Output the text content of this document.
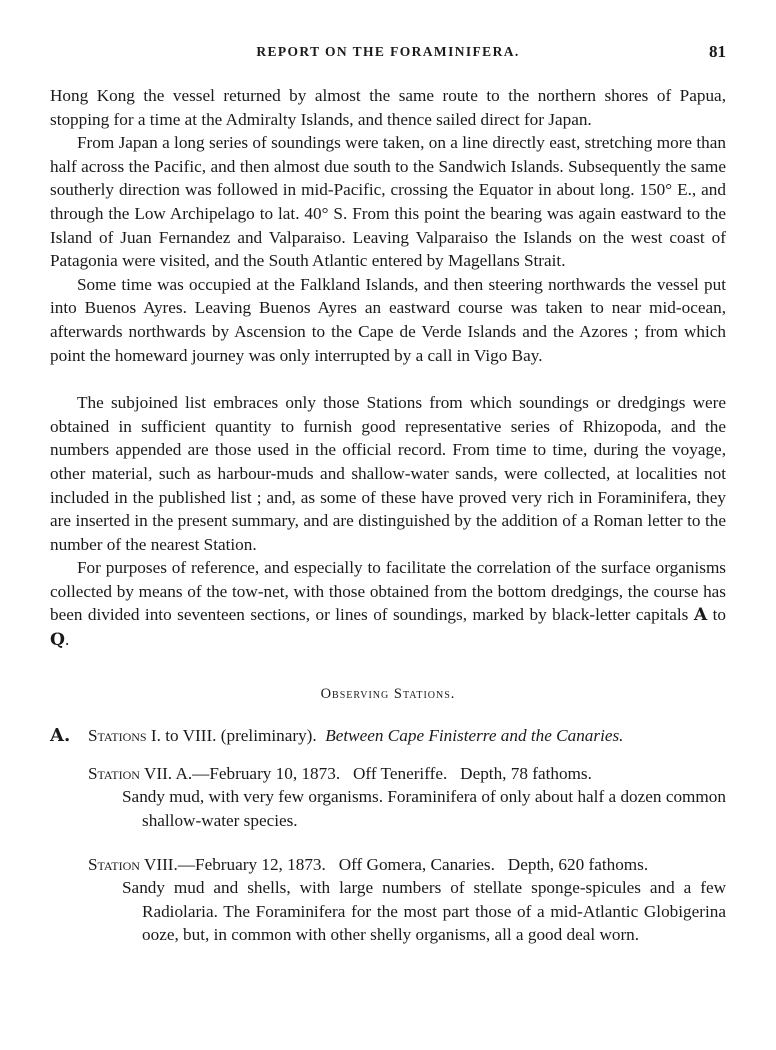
REPORT ON THE FORAMINIFERA.	81

Hong Kong the vessel returned by almost the same route to the northern shores of Papua, stopping for a time at the Admiralty Islands, and thence sailed direct for Japan.

From Japan a long series of soundings were taken, on a line directly east, stretching more than half across the Pacific, and then almost due south to the Sandwich Islands. Subsequently the same southerly direction was followed in mid-Pacific, crossing the Equator in about long. 150° E., and through the Low Archipelago to lat. 40° S. From this point the bearing was again eastward to the Island of Juan Fernandez and Valparaiso. Leaving Valparaiso the Islands on the west coast of Patagonia were visited, and the South Atlantic entered by Magellans Strait.

Some time was occupied at the Falkland Islands, and then steering northwards the vessel put into Buenos Ayres. Leaving Buenos Ayres an eastward course was taken to near mid-ocean, afterwards northwards by Ascension to the Cape de Verde Islands and the Azores ; from which point the homeward journey was only interrupted by a call in Vigo Bay.

The subjoined list embraces only those Stations from which soundings or dredgings were obtained in sufficient quantity to furnish good representative series of Rhizopoda, and the numbers appended are those used in the official record. From time to time, during the voyage, other material, such as harbour-muds and shallow-water sands, were collected, at localities not included in the published list ; and, as some of these have proved very rich in Foraminifera, they are inserted in the present summary, and are distinguished by the addition of a Roman letter to the number of the nearest Station.

For purposes of reference, and especially to facilitate the correlation of the surface organisms collected by means of the tow-net, with those obtained from the bottom dredgings, the course has been divided into seventeen sections, or lines of soundings, marked by black-letter capitals A to Q.

Observing Stations.
A. Stations I. to VIII. (preliminary). Between Cape Finisterre and the Canaries.
Station VII. A.—February 10, 1873.   Off Teneriffe.   Depth, 78 fathoms.
Sandy mud, with very few organisms. Foraminifera of only about half a dozen common shallow-water species.
Station VIII.—February 12, 1873.   Off Gomera, Canaries.   Depth, 620 fathoms.
Sandy mud and shells, with large numbers of stellate sponge-spicules and a few Radiolaria. The Foraminifera for the most part those of a mid-Atlantic Globigerina ooze, but, in common with other shelly organisms, all a good deal worn.
